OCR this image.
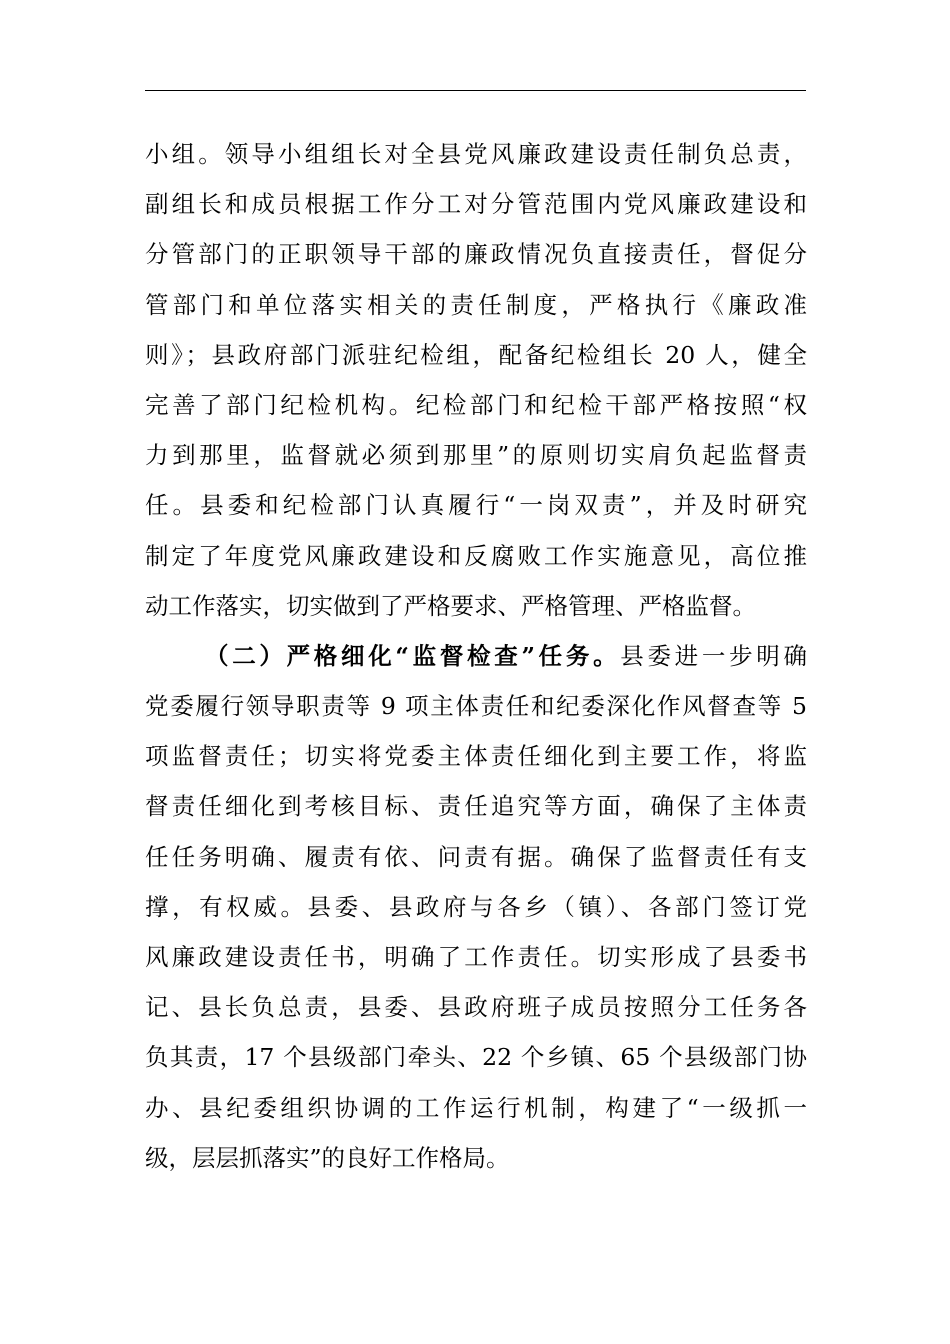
小组。领导小组组长对全县党风廉政建设责任制负总责，
副组长和成员根据工作分工对分管范围内党风廉政建设和
分管部门的正职领导干部的廉政情况负直接责任，督促分
管部门和单位落实相关的责任制度，严格执行《廉政准
则》；县政府部门派驻纪检组，配备纪检组长 20 人，健全
完善了部门纪检机构。纪检部门和纪检干部严格按照“权
力到那里，监督就必须到那里”的原则切实肩负起监督责
任。县委和纪检部门认真履行“一岗双责”，并及时研究
制定了年度党风廉政建设和反腐败工作实施意见，高位推
动工作落实，切实做到了严格要求、严格管理、严格监督。
（二）严格细化“监督检查”任务。县委进一步明确
党委履行领导职责等 9 项主体责任和纪委深化作风督查等 5
项监督责任；切实将党委主体责任细化到主要工作，将监
督责任细化到考核目标、责任追究等方面，确保了主体责
任任务明确、履责有依、问责有据。确保了监督责任有支
撑，有权威。县委、县政府与各乡（镇）、各部门签订党
风廉政建设责任书，明确了工作责任。切实形成了县委书
记、县长负总责，县委、县政府班子成员按照分工任务各
负其责，17 个县级部门牵头、22 个乡镇、65 个县级部门协
办、县纪委组织协调的工作运行机制，构建了“一级抓一
级，层层抓落实”的良好工作格局。
